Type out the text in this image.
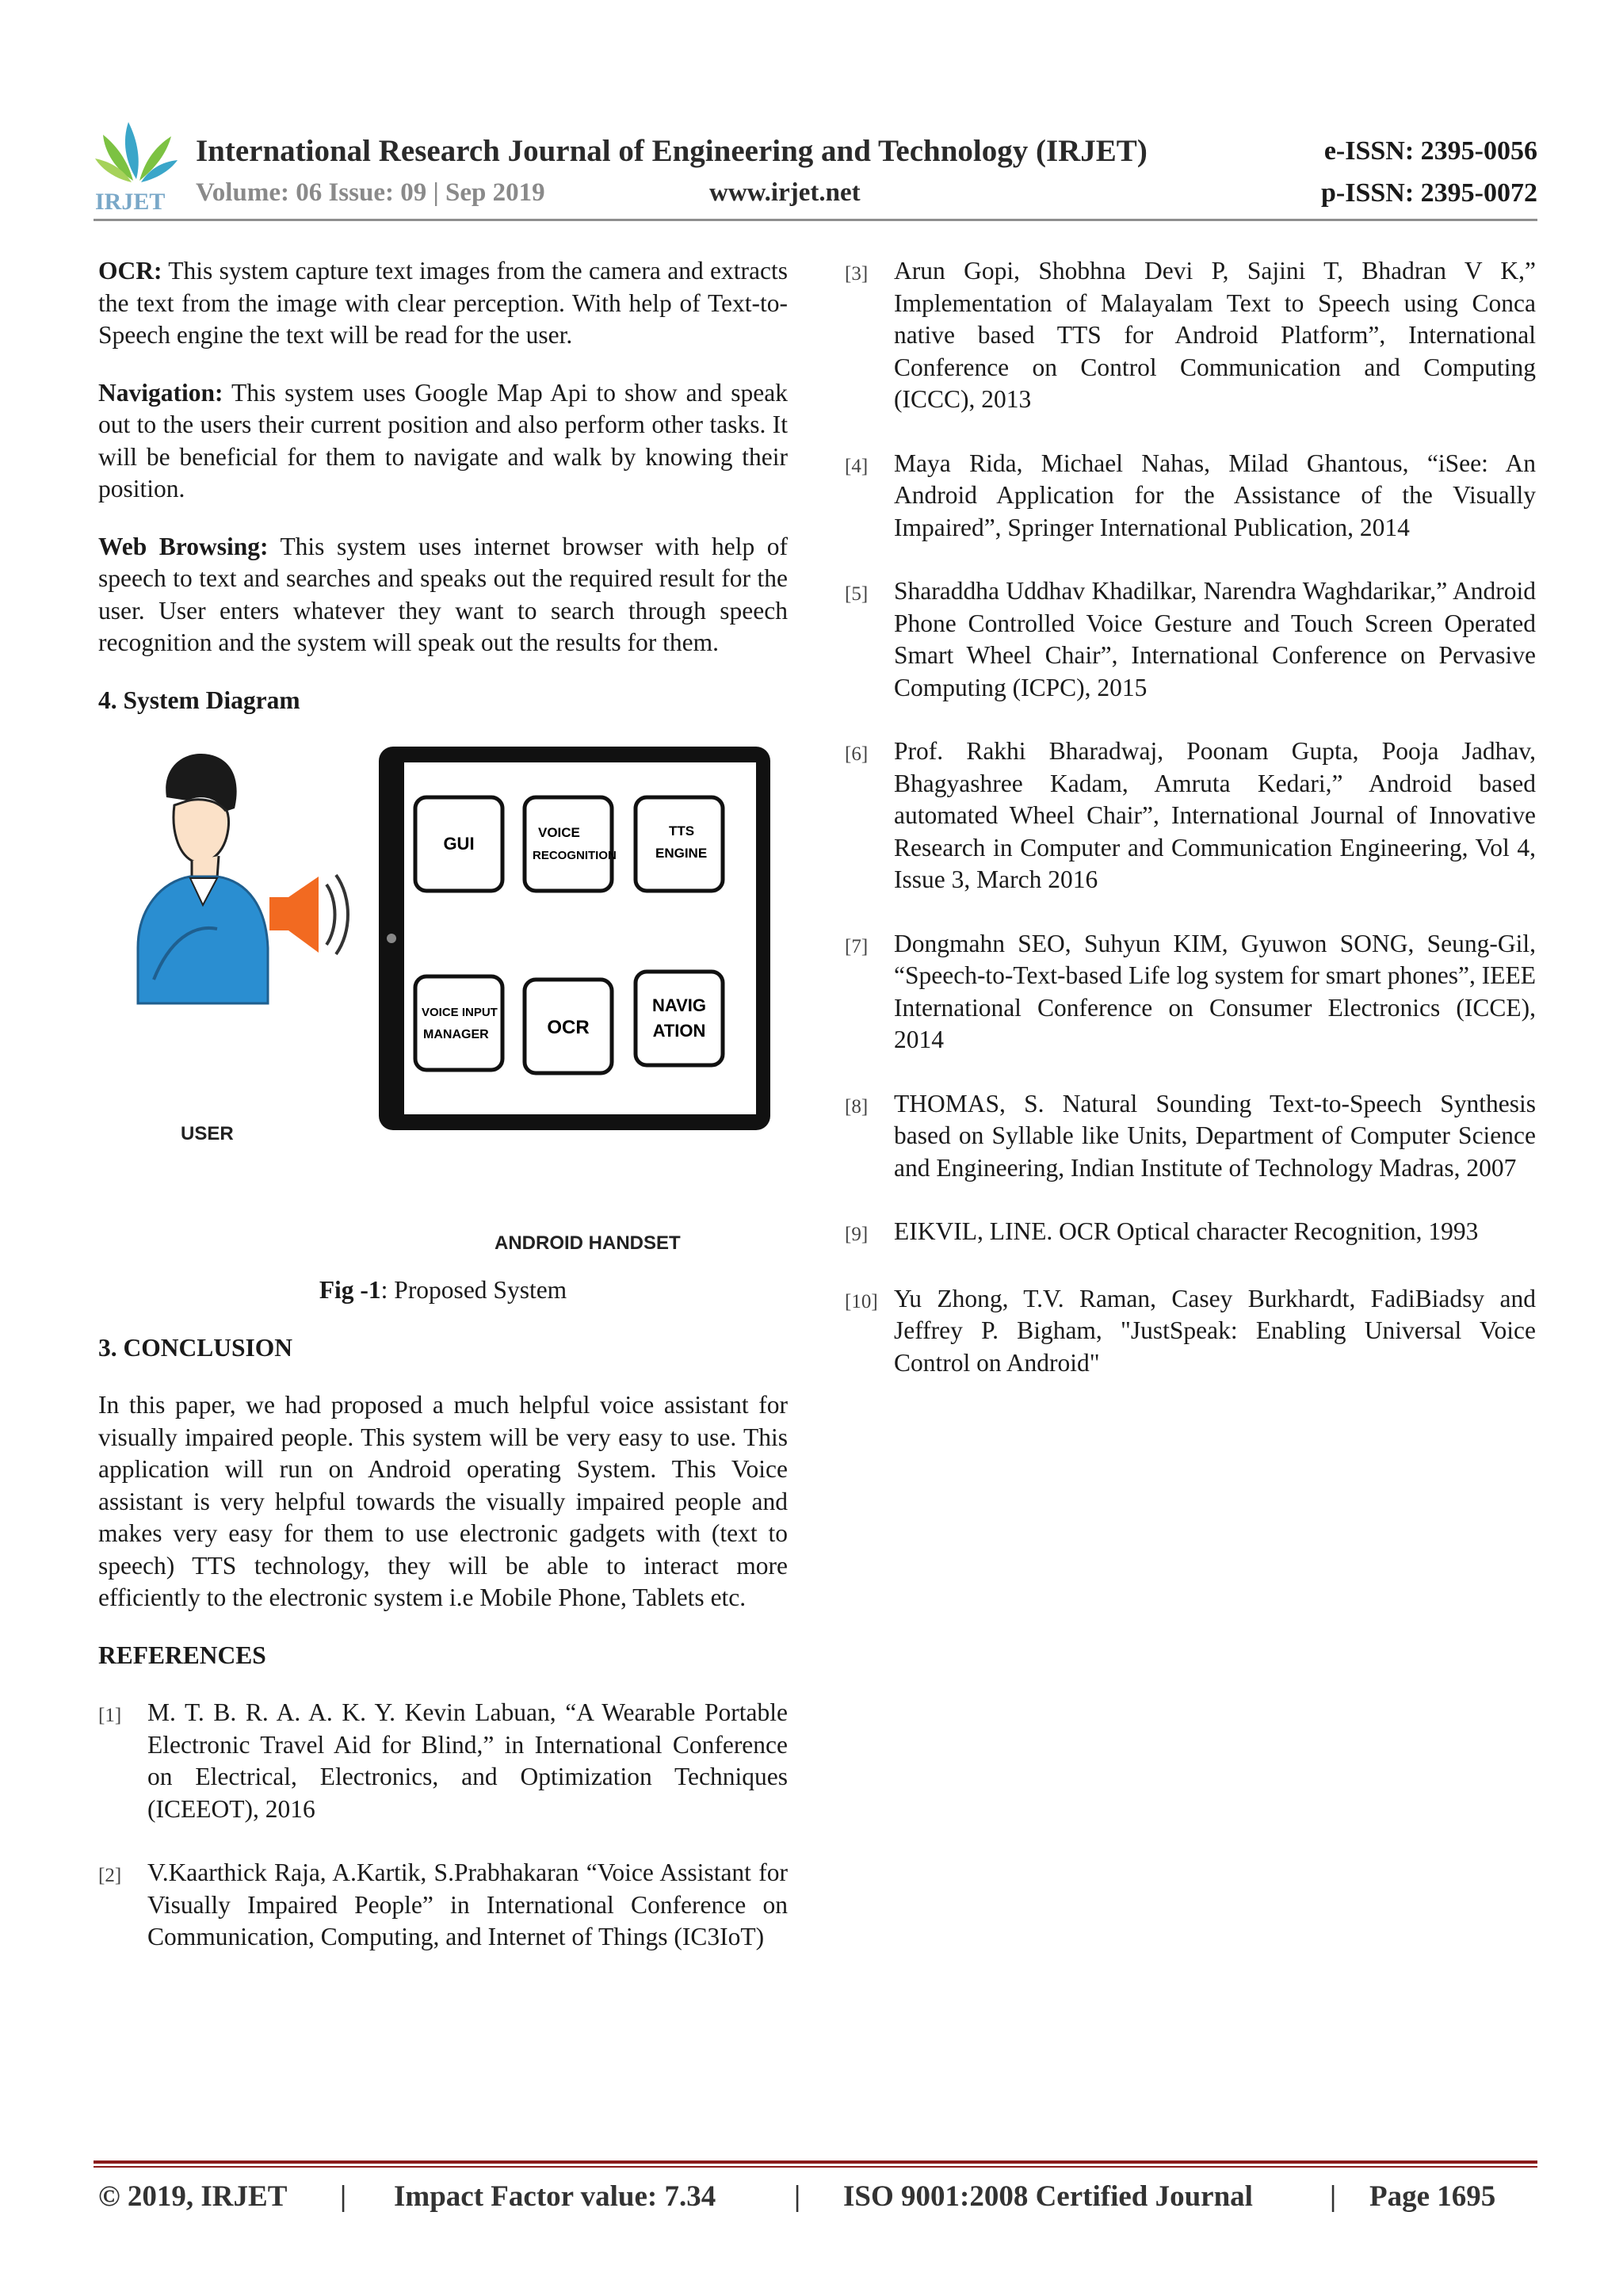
IRJET
International Research Journal of Engineering and Technology (IRJET)	e-ISSN: 2395-0056
Volume: 06 Issue: 09 | Sep 2019	www.irjet.net	p-ISSN: 2395-0072

OCR: This system capture text images from the camera and extracts the text from the image with clear perception. With help of Text-to-Speech engine the text will be read for the user.

Navigation: This system uses Google Map Api to show and speak out to the users their current position and also perform other tasks. It will be beneficial for them to navigate and walk by knowing their position.

Web Browsing: This system uses internet browser with help of speech to text and searches and speaks out the required result for the user. User enters whatever they want to search through speech recognition and the system will speak out the results for them.

4. System Diagram
USER
GUI
VOICE
RECOGNITION
TTS
ENGINE
VOICE INPUT
MANAGER	OCR
NAVIG
ATION
ANDROID HANDSET
Fig -1: Proposed System
3. CONCLUSION

In this paper, we had proposed a much helpful voice assistant for visually impaired people. This system will be very easy to use. This application will run on Android operating System. This Voice assistant is very helpful towards the visually impaired people and makes very easy for them to use electronic gadgets with (text to speech) TTS technology, they will be able to interact more efficiently to the electronic system i.e Mobile Phone, Tablets etc.

REFERENCES
[1]	M. T. B. R. A. A. K. Y. Kevin Labuan, “A Wearable Portable Electronic Travel Aid for Blind,” in International Conference on Electrical, Electronics, and Optimization Techniques (ICEEOT), 2016
[2]	V.Kaarthick Raja, A.Kartik, S.Prabhakaran “Voice Assistant for Visually Impaired People” in International Conference on Communication, Computing, and Internet of Things (IC3IoT)
[3]	Arun Gopi, Shobhna Devi P, Sajini T, Bhadran V K,” Implementation of Malayalam Text to Speech using Conca native based TTS for Android Platform”, International Conference on Control Communication and Computing (ICCC), 2013
[4]	Maya Rida, Michael Nahas, Milad Ghantous, “iSee: An Android Application for the Assistance of the Visually Impaired”, Springer International Publication, 2014
[5]	Sharaddha Uddhav Khadilkar, Narendra Waghdarikar,” Android Phone Controlled Voice Gesture and Touch Screen Operated Smart Wheel Chair”, International Conference on Pervasive Computing (ICPC), 2015
[6]	Prof. Rakhi Bharadwaj, Poonam Gupta, Pooja Jadhav, Bhagyashree Kadam, Amruta Kedari,” Android based automated Wheel Chair”, International Journal of Innovative Research in Computer and Communication Engineering, Vol 4, Issue 3, March 2016
[7]	Dongmahn SEO, Suhyun KIM, Gyuwon SONG, Seung-Gil, “Speech-to-Text-based Life log system for smart phones”, IEEE International Conference on Consumer Electronics (ICCE), 2014
[8]	THOMAS, S. Natural Sounding Text-to-Speech Synthesis based on Syllable like Units, Department of Computer Science and Engineering, Indian Institute of Technology Madras, 2007
[9]	EIKVIL, LINE. OCR Optical character Recognition, 1993
[10] Yu Zhong, T.V. Raman, Casey Burkhardt, FadiBiadsy and Jeffrey P. Bigham, "JustSpeak: Enabling Universal Voice Control on Android"
© 2019, IRJET	|	Impact Factor value: 7.34	|	ISO 9001:2008 Certified Journal	|	Page 1695
